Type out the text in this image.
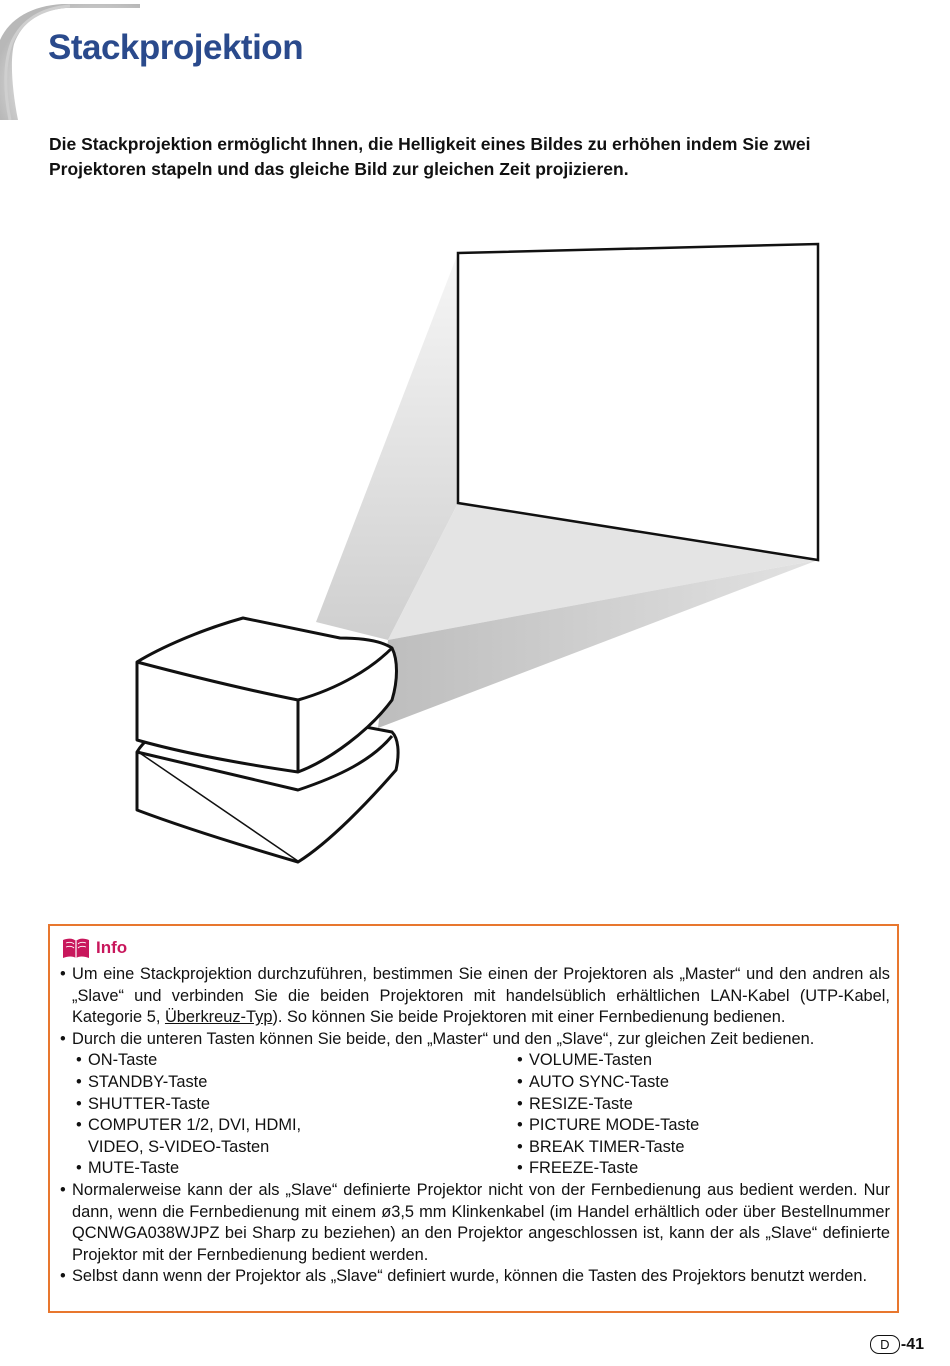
Stackprojektion

Die Stackprojektion ermöglicht Ihnen, die Helligkeit eines Bildes zu erhöhen indem Sie zwei Projektoren stapeln und das gleiche Bild zur gleichen Zeit projizieren.

Info
• Um eine Stackprojektion durchzuführen, bestimmen Sie einen der Projektoren als „Master“ und den andren als „Slave“ und verbinden Sie die beiden Projektoren mit handelsüblich erhältlichen LAN-Kabel (UTP-Kabel, Kategorie 5, Überkreuz-Typ). So können Sie beide Projektoren mit einer Fernbedienung bedienen.
• Durch die unteren Tasten können Sie beide, den „Master“ und den „Slave“, zur gleichen Zeit bedienen.
• ON-Taste
• STANDBY-Taste
• SHUTTER-Taste
• COMPUTER 1/2, DVI, HDMI,
VIDEO, S-VIDEO-Tasten
• MUTE-Taste
• VOLUME-Tasten
• AUTO SYNC-Taste
• RESIZE-Taste
• PICTURE MODE-Taste
• BREAK TIMER-Taste
• FREEZE-Taste
• Normalerweise kann der als „Slave“ definierte Projektor nicht von der Fernbedienung aus bedient werden. Nur dann, wenn die Fernbedienung mit einem ø3,5 mm Klinkenkabel (im Handel erhältlich oder über Bestellnummer QCNWGA038WJPZ bei Sharp zu beziehen) an den Projektor angeschlossen ist, kann der als „Slave“ definierte Projektor mit der Fernbedienung bedient werden.
• Selbst dann wenn der Projektor als „Slave“ definiert wurde, können die Tasten des Projektors benutzt werden.
D -41
